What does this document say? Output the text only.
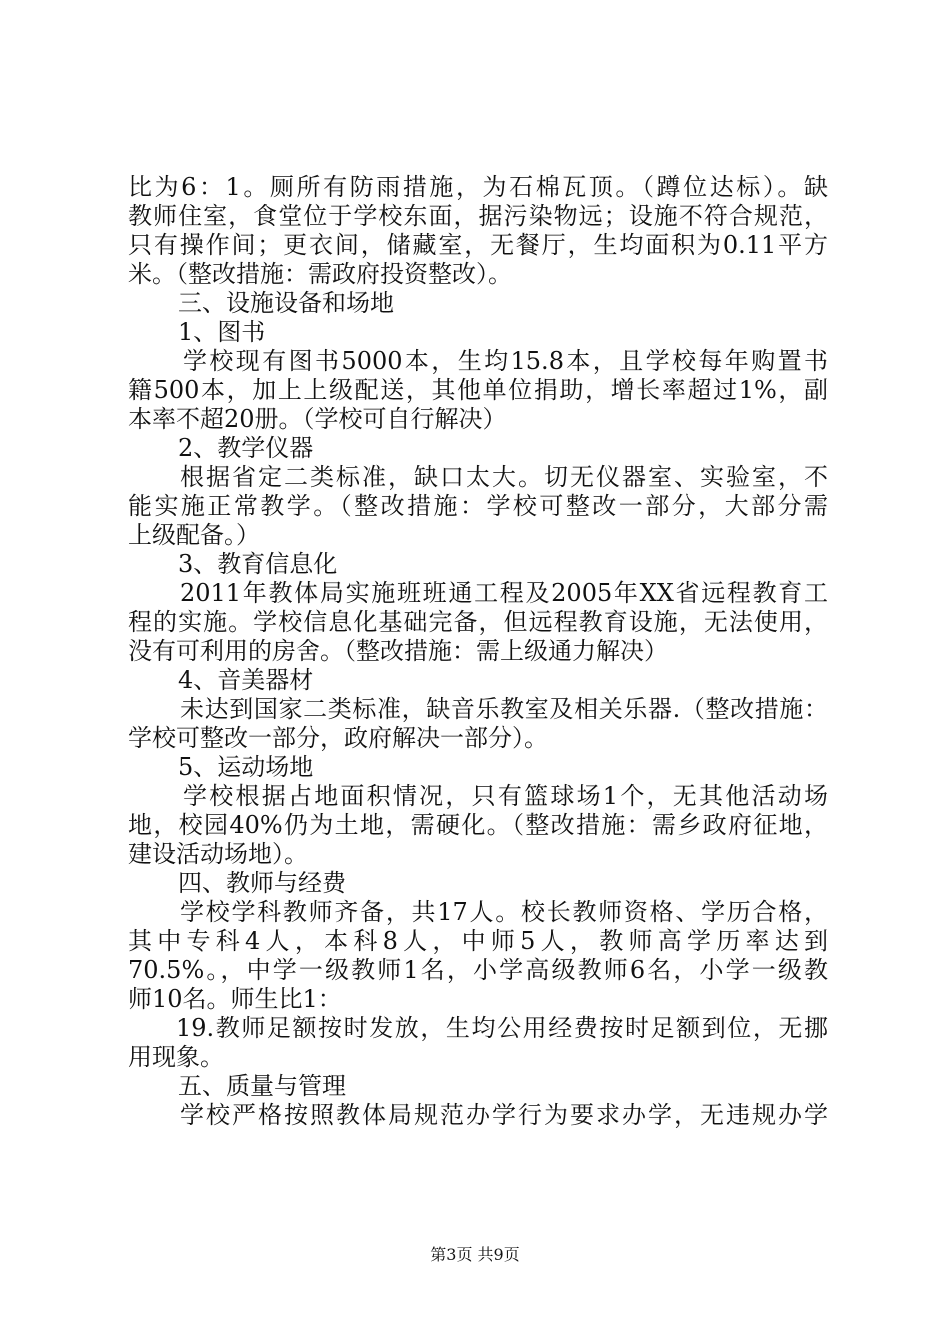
比为6：1。厕所有防雨措施，为石棉瓦顶。（蹲位达标）。缺
教师住室，食堂位于学校东面，据污染物远；设施不符合规范，
只有操作间；更衣间，储藏室，无餐厅，生均面积为0.11平方
米。（整改措施：需政府投资整改）。
三、设施设备和场地
1、图书
学校现有图书5000本，生均15.8本，且学校每年购置书
籍500本，加上上级配送，其他单位捐助，增长率超过1%，副
本率不超20册。（学校可自行解决）
2、教学仪器
根据省定二类标准，缺口太大。切无仪器室、实验室，不
能实施正常教学。（整改措施：学校可整改一部分，大部分需
上级配备。）
3、教育信息化
2011年教体局实施班班通工程及2005年XX省远程教育工
程的实施。学校信息化基础完备，但远程教育设施，无法使用，
没有可利用的房舍。（整改措施：需上级通力解决）
4、音美器材
未达到国家二类标准，缺音乐教室及相关乐器.（整改措施：
学校可整改一部分，政府解决一部分）。
5、运动场地
学校根据占地面积情况，只有篮球场1个，无其他活动场
地，校园40%仍为土地，需硬化。（整改措施：需乡政府征地，
建设活动场地）。
四、教师与经费
学校学科教师齐备，共17人。校长教师资格、学历合格，
其中专科4人，本科8人，中师5人，教师高学历率达到
70.5%。，中学一级教师1名，小学高级教师6名，小学一级教
师10名。师生比1：
19.教师足额按时发放，生均公用经费按时足额到位，无挪
用现象。
五、质量与管理
学校严格按照教体局规范办学行为要求办学，无违规办学
第3页 共9页
